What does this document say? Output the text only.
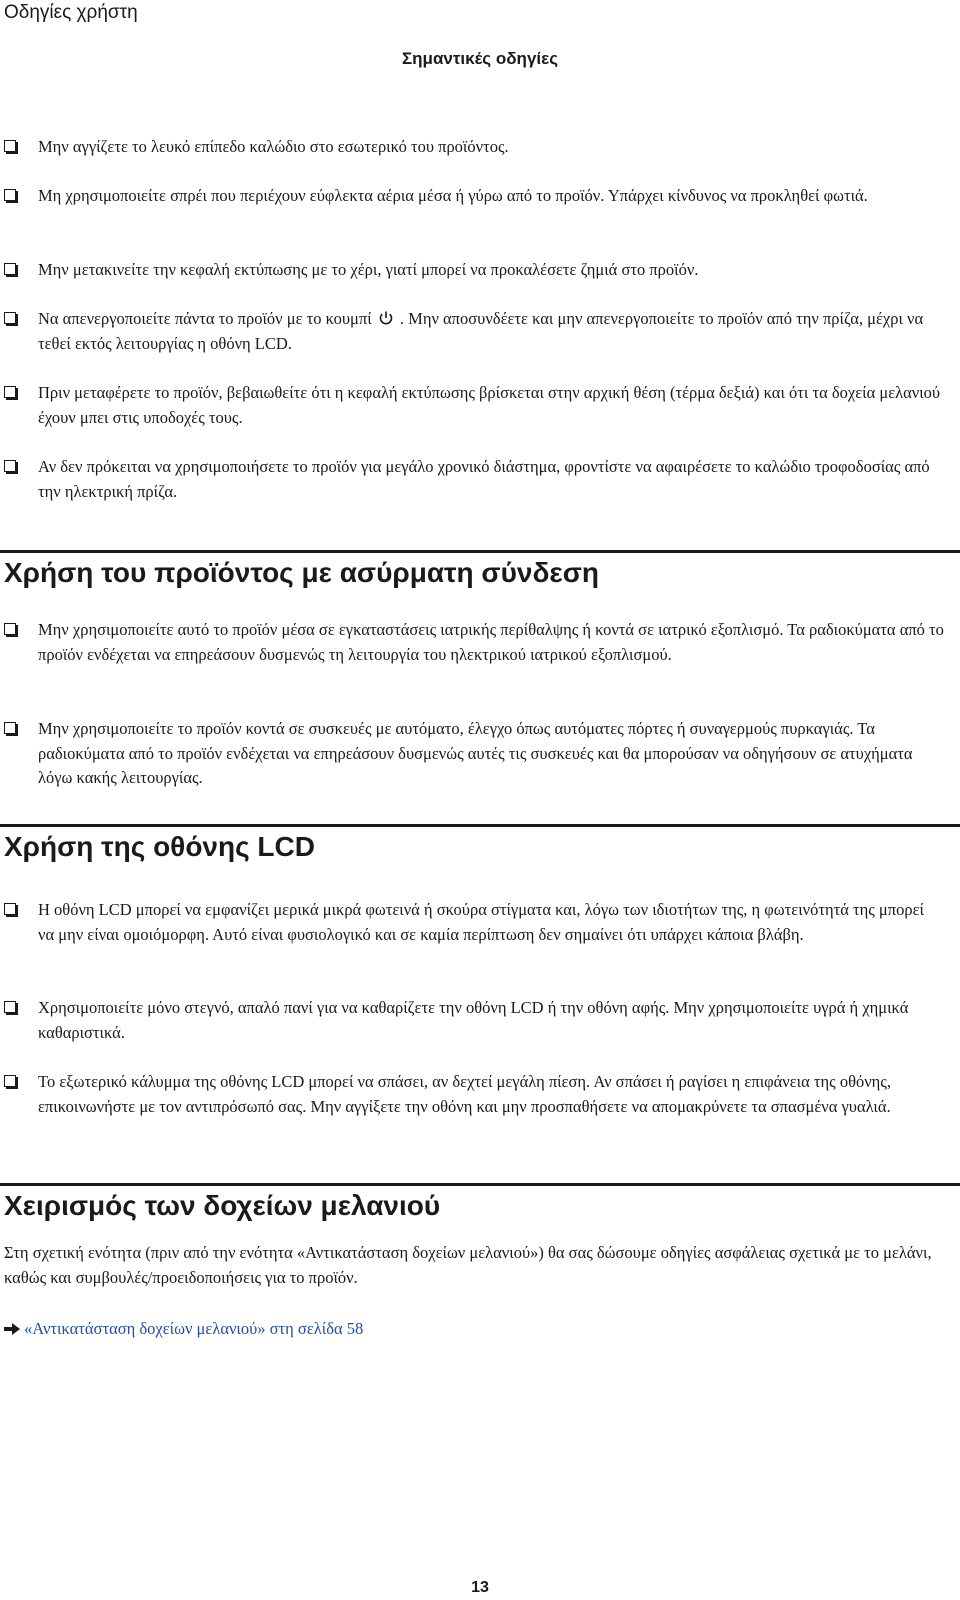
Οδηγίες χρήστη
Σημαντικές οδηγίες
Μην αγγίζετε το λευκό επίπεδο καλώδιο στο εσωτερικό του προϊόντος.
Μη χρησιμοποιείτε σπρέι που περιέχουν εύφλεκτα αέρια μέσα ή γύρω από το προϊόν. Υπάρχει κίνδυνος να προκληθεί φωτιά.
Μην μετακινείτε την κεφαλή εκτύπωσης με το χέρι, γιατί μπορεί να προκαλέσετε ζημιά στο προϊόν.
Να απενεργοποιείτε πάντα το προϊόν με το κουμπί . Μην αποσυνδέετε και μην απενεργοποιείτε το προϊόν από την πρίζα, μέχρι να τεθεί εκτός λειτουργίας η οθόνη LCD.
Πριν μεταφέρετε το προϊόν, βεβαιωθείτε ότι η κεφαλή εκτύπωσης βρίσκεται στην αρχική θέση (τέρμα δεξιά) και ότι τα δοχεία μελανιού έχουν μπει στις υποδοχές τους.
Αν δεν πρόκειται να χρησιμοποιήσετε το προϊόν για μεγάλο χρονικό διάστημα, φροντίστε να αφαιρέσετε το καλώδιο τροφοδοσίας από την ηλεκτρική πρίζα.
Χρήση του προϊόντος με ασύρματη σύνδεση
Μην χρησιμοποιείτε αυτό το προϊόν μέσα σε εγκαταστάσεις ιατρικής περίθαλψης ή κοντά σε ιατρικό εξοπλισμό. Τα ραδιοκύματα από το προϊόν ενδέχεται να επηρεάσουν δυσμενώς τη λειτουργία του ηλεκτρικού ιατρικού εξοπλισμού.
Μην χρησιμοποιείτε το προϊόν κοντά σε συσκευές με αυτόματο, έλεγχο όπως αυτόματες πόρτες ή συναγερμούς πυρκαγιάς. Τα ραδιοκύματα από το προϊόν ενδέχεται να επηρεάσουν δυσμενώς αυτές τις συσκευές και θα μπορούσαν να οδηγήσουν σε ατυχήματα λόγω κακής λειτουργίας.
Χρήση της οθόνης LCD
Η οθόνη LCD μπορεί να εμφανίζει μερικά μικρά φωτεινά ή σκούρα στίγματα και, λόγω των ιδιοτήτων της, η φωτεινότητά της μπορεί να μην είναι ομοιόμορφη. Αυτό είναι φυσιολογικό και σε καμία περίπτωση δεν σημαίνει ότι υπάρχει κάποια βλάβη.
Χρησιμοποιείτε μόνο στεγνό, απαλό πανί για να καθαρίζετε την οθόνη LCD ή την οθόνη αφής. Μην χρησιμοποιείτε υγρά ή χημικά καθαριστικά.
Το εξωτερικό κάλυμμα της οθόνης LCD μπορεί να σπάσει, αν δεχτεί μεγάλη πίεση. Αν σπάσει ή ραγίσει η επιφάνεια της οθόνης, επικοινωνήστε με τον αντιπρόσωπό σας. Μην αγγίξετε την οθόνη και μην προσπαθήσετε να απομακρύνετε τα σπασμένα γυαλιά.
Χειρισμός των δοχείων μελανιού

Στη σχετική ενότητα (πριν από την ενότητα «Αντικατάσταση δοχείων μελανιού») θα σας δώσουμε οδηγίες ασφάλειας σχετικά με το μελάνι, καθώς και συμβουλές/προειδοποιήσεις για το προϊόν.

«Αντικατάσταση δοχείων μελανιού» στη σελίδα 58
13
